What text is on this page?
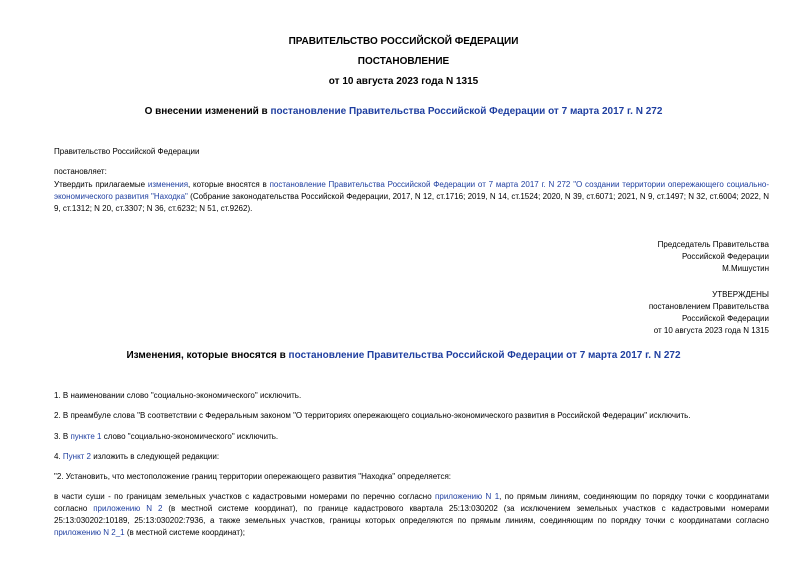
ПРАВИТЕЛЬСТВО РОССИЙСКОЙ ФЕДЕРАЦИИ
ПОСТАНОВЛЕНИЕ
от 10 августа 2023 года N 1315
О внесении изменений в постановление Правительства Российской Федерации от 7 марта 2017 г. N 272
Правительство Российской Федерации
постановляет:
Утвердить прилагаемые изменения, которые вносятся в постановление Правительства Российской Федерации от 7 марта 2017 г. N 272 "О создании территории опережающего социально-экономического развития "Находка" (Собрание законодательства Российской Федерации, 2017, N 12, ст.1716; 2019, N 14, ст.1524; 2020, N 39, ст.6071; 2021, N 9, ст.1497; N 32, ст.6004; 2022, N 9, ст.1312; N 20, ст.3307; N 36, ст.6232; N 51, ст.9262).
Председатель Правительства
Российской Федерации
М.Мишустин
УТВЕРЖДЕНЫ
постановлением Правительства
Российской Федерации
от 10 августа 2023 года N 1315
Изменения, которые вносятся в постановление Правительства Российской Федерации от 7 марта 2017 г. N 272
1. В наименовании слово "социально-экономического" исключить.
2. В преамбуле слова "В соответствии с Федеральным законом "О территориях опережающего социально-экономического развития в Российской Федерации" исключить.
3. В пункте 1 слово "социально-экономического" исключить.
4. Пункт 2 изложить в следующей редакции:
"2. Установить, что местоположение границ территории опережающего развития "Находка" определяется:
в части суши - по границам земельных участков с кадастровыми номерами по перечню согласно приложению N 1, по прямым линиям, соединяющим по порядку точки с координатами согласно приложению N 2 (в местной системе координат), по границе кадастрового квартала 25:13:030202 (за исключением земельных участков с кадастровыми номерами 25:13:030202:10189, 25:13:030202:7936, а также земельных участков, границы которых определяются по прямым линиям, соединяющим по порядку точки с координатами согласно приложению N 2_1 (в местной системе координат);
